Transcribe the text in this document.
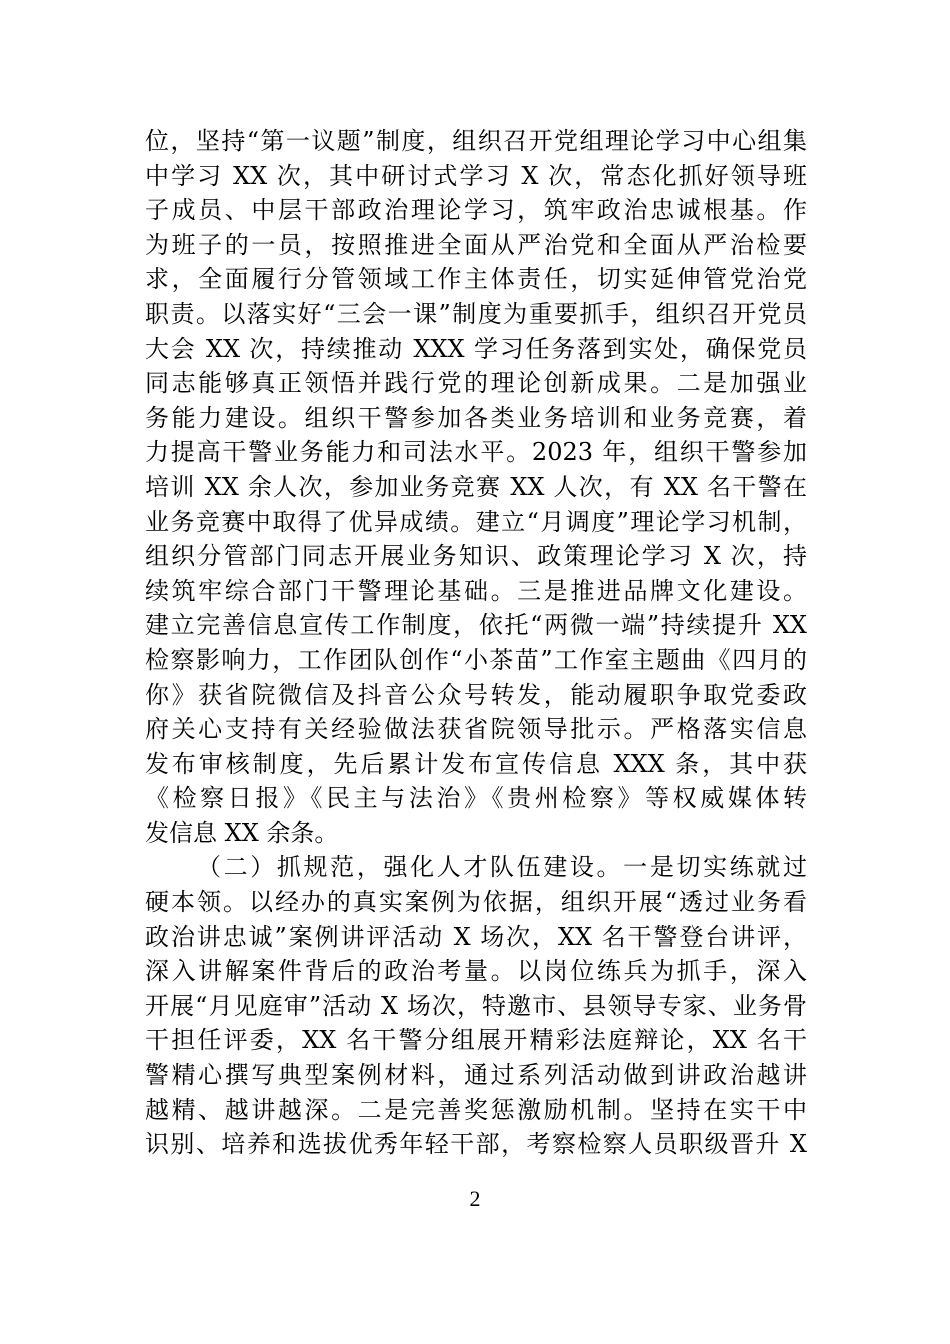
位，坚持“第一议题”制度，组织召开党组理论学习中心组集
中学习 XX 次，其中研讨式学习 X 次，常态化抓好领导班
子成员、中层干部政治理论学习，筑牢政治忠诚根基。作
为班子的一员，按照推进全面从严治党和全面从严治检要
求，全面履行分管领域工作主体责任，切实延伸管党治党
职责。以落实好“三会一课”制度为重要抓手，组织召开党员
大会 XX 次，持续推动 XXX 学习任务落到实处，确保党员
同志能够真正领悟并践行党的理论创新成果。二是加强业
务能力建设。组织干警参加各类业务培训和业务竞赛，着
力提高干警业务能力和司法水平。2023 年，组织干警参加
培训 XX 余人次，参加业务竞赛 XX 人次，有 XX 名干警在
业务竞赛中取得了优异成绩。建立“月调度”理论学习机制，
组织分管部门同志开展业务知识、政策理论学习 X 次，持
续筑牢综合部门干警理论基础。三是推进品牌文化建设。
建立完善信息宣传工作制度，依托“两微一端”持续提升 XX
检察影响力，工作团队创作“小茶苗”工作室主题曲《四月的
你》获省院微信及抖音公众号转发，能动履职争取党委政
府关心支持有关经验做法获省院领导批示。严格落实信息
发布审核制度，先后累计发布宣传信息 XXX 条，其中获
《检察日报》《民主与法治》《贵州检察》等权威媒体转
发信息 XX 余条。
（二）抓规范，强化人才队伍建设。一是切实练就过
硬本领。以经办的真实案例为依据，组织开展“透过业务看
政治讲忠诚”案例讲评活动 X 场次，XX 名干警登台讲评，
深入讲解案件背后的政治考量。以岗位练兵为抓手，深入
开展“月见庭审”活动 X 场次，特邀市、县领导专家、业务骨
干担任评委，XX 名干警分组展开精彩法庭辩论，XX 名干
警精心撰写典型案例材料，通过系列活动做到讲政治越讲
越精、越讲越深。二是完善奖惩激励机制。坚持在实干中
识别、培养和选拔优秀年轻干部，考察检察人员职级晋升 X
2
